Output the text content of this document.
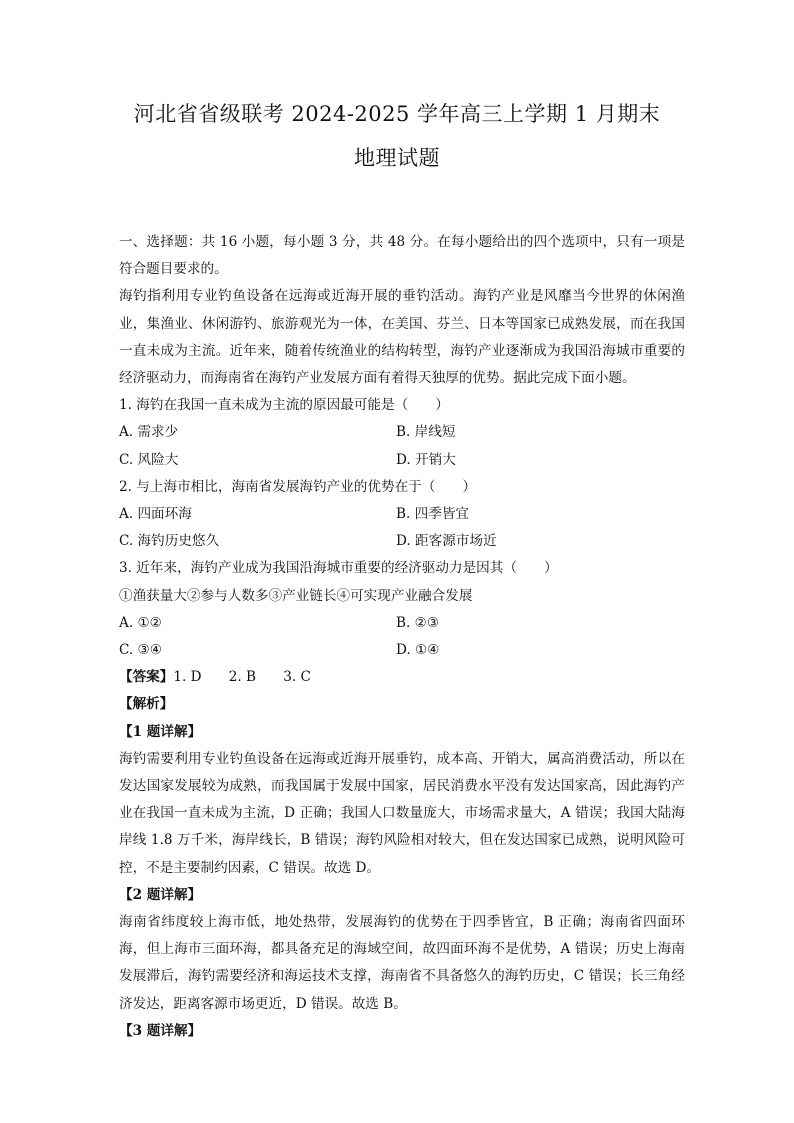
河北省省级联考 2024-2025 学年高三上学期 1 月期末
地理试题

一、选择题：共 16 小题，每小题 3 分，共 48 分。在每小题给出的四个选项中，只有一项是符合题目要求的。

海钓指利用专业钓鱼设备在远海或近海开展的垂钓活动。海钓产业是风靡当今世界的休闲渔业，集渔业、休闲游钓、旅游观光为一体，在美国、芬兰、日本等国家已成熟发展，而在我国一直未成为主流。近年来，随着传统渔业的结构转型，海钓产业逐渐成为我国沿海城市重要的经济驱动力，而海南省在海钓产业发展方面有着得天独厚的优势。据此完成下面小题。

1. 海钓在我国一直未成为主流的原因最可能是（　　）

A. 需求少	B. 岸线短
C. 风险大	D. 开销大

2. 与上海市相比，海南省发展海钓产业的优势在于（　　）

A. 四面环海	B. 四季皆宜
C. 海钓历史悠久	D. 距客源市场近

3. 近年来，海钓产业成为我国沿海城市重要的经济驱动力是因其（　　）

①渔获量大②参与人数多③产业链长④可实现产业融合发展

A. ①②	B. ②③
C. ③④	D. ①④

【答案】1. D　　2. B　　3. C

【解析】

【1 题详解】

海钓需要利用专业钓鱼设备在远海或近海开展垂钓，成本高、开销大，属高消费活动，所以在发达国家发展较为成熟，而我国属于发展中国家，居民消费水平没有发达国家高，因此海钓产业在我国一直未成为主流，D 正确；我国人口数量庞大，市场需求量大，A 错误；我国大陆海岸线 1.8 万千米，海岸线长，B 错误；海钓风险相对较大，但在发达国家已成熟，说明风险可控，不是主要制约因素，C 错误。故选 D。

【2 题详解】

海南省纬度较上海市低，地处热带，发展海钓的优势在于四季皆宜，B 正确；海南省四面环海，但上海市三面环海，都具备充足的海域空间，故四面环海不是优势，A 错误；历史上海南发展滞后，海钓需要经济和海运技术支撑，海南省不具备悠久的海钓历史，C 错误；长三角经济发达，距离客源市场更近，D 错误。故选 B。

【3 题详解】
